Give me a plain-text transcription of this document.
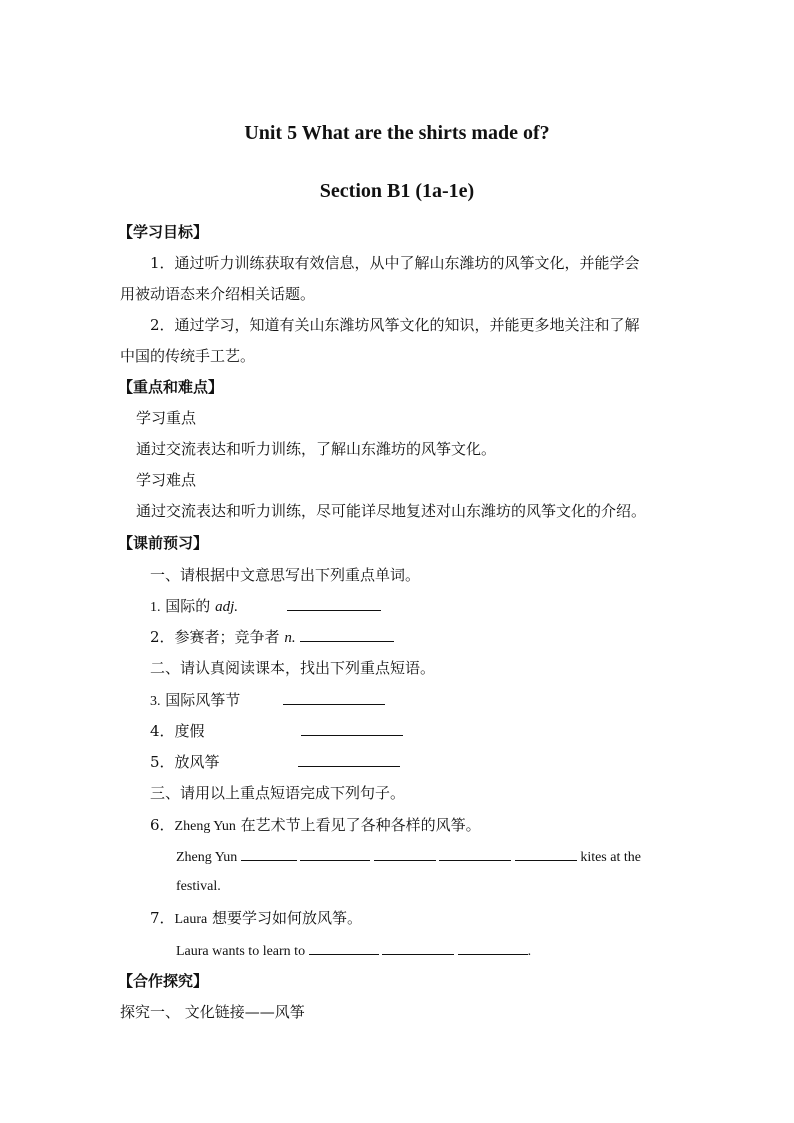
Unit 5 What are the shirts made of?
Section B1 (1a-1e)
【学习目标】
1．通过听力训练获取有效信息，从中了解山东潍坊的风筝文化，并能学会
用被动语态来介绍相关话题。
2．通过学习，知道有关山东潍坊风筝文化的知识，并能更多地关注和了解
中国的传统手工艺。
【重点和难点】
学习重点
通过交流表达和听力训练，了解山东潍坊的风筝文化。
学习难点
通过交流表达和听力训练，尽可能详尽地复述对山东潍坊的风筝文化的介绍。
【课前预习】
一、请根据中文意思写出下列重点单词。
1. 国际的 adj.
2．参赛者；竞争者 n.
二、请认真阅读课本，找出下列重点短语。
3. 国际风筝节
4．度假
5．放风筝
三、请用以上重点短语完成下列句子。
6．Zheng Yun 在艺术节上看见了各种各样的风筝。
Zheng Yun	kites at the
festival.
7．Laura 想要学习如何放风筝。
Laura wants to learn to	.
【合作探究】
探究一、 文化链接——风筝
